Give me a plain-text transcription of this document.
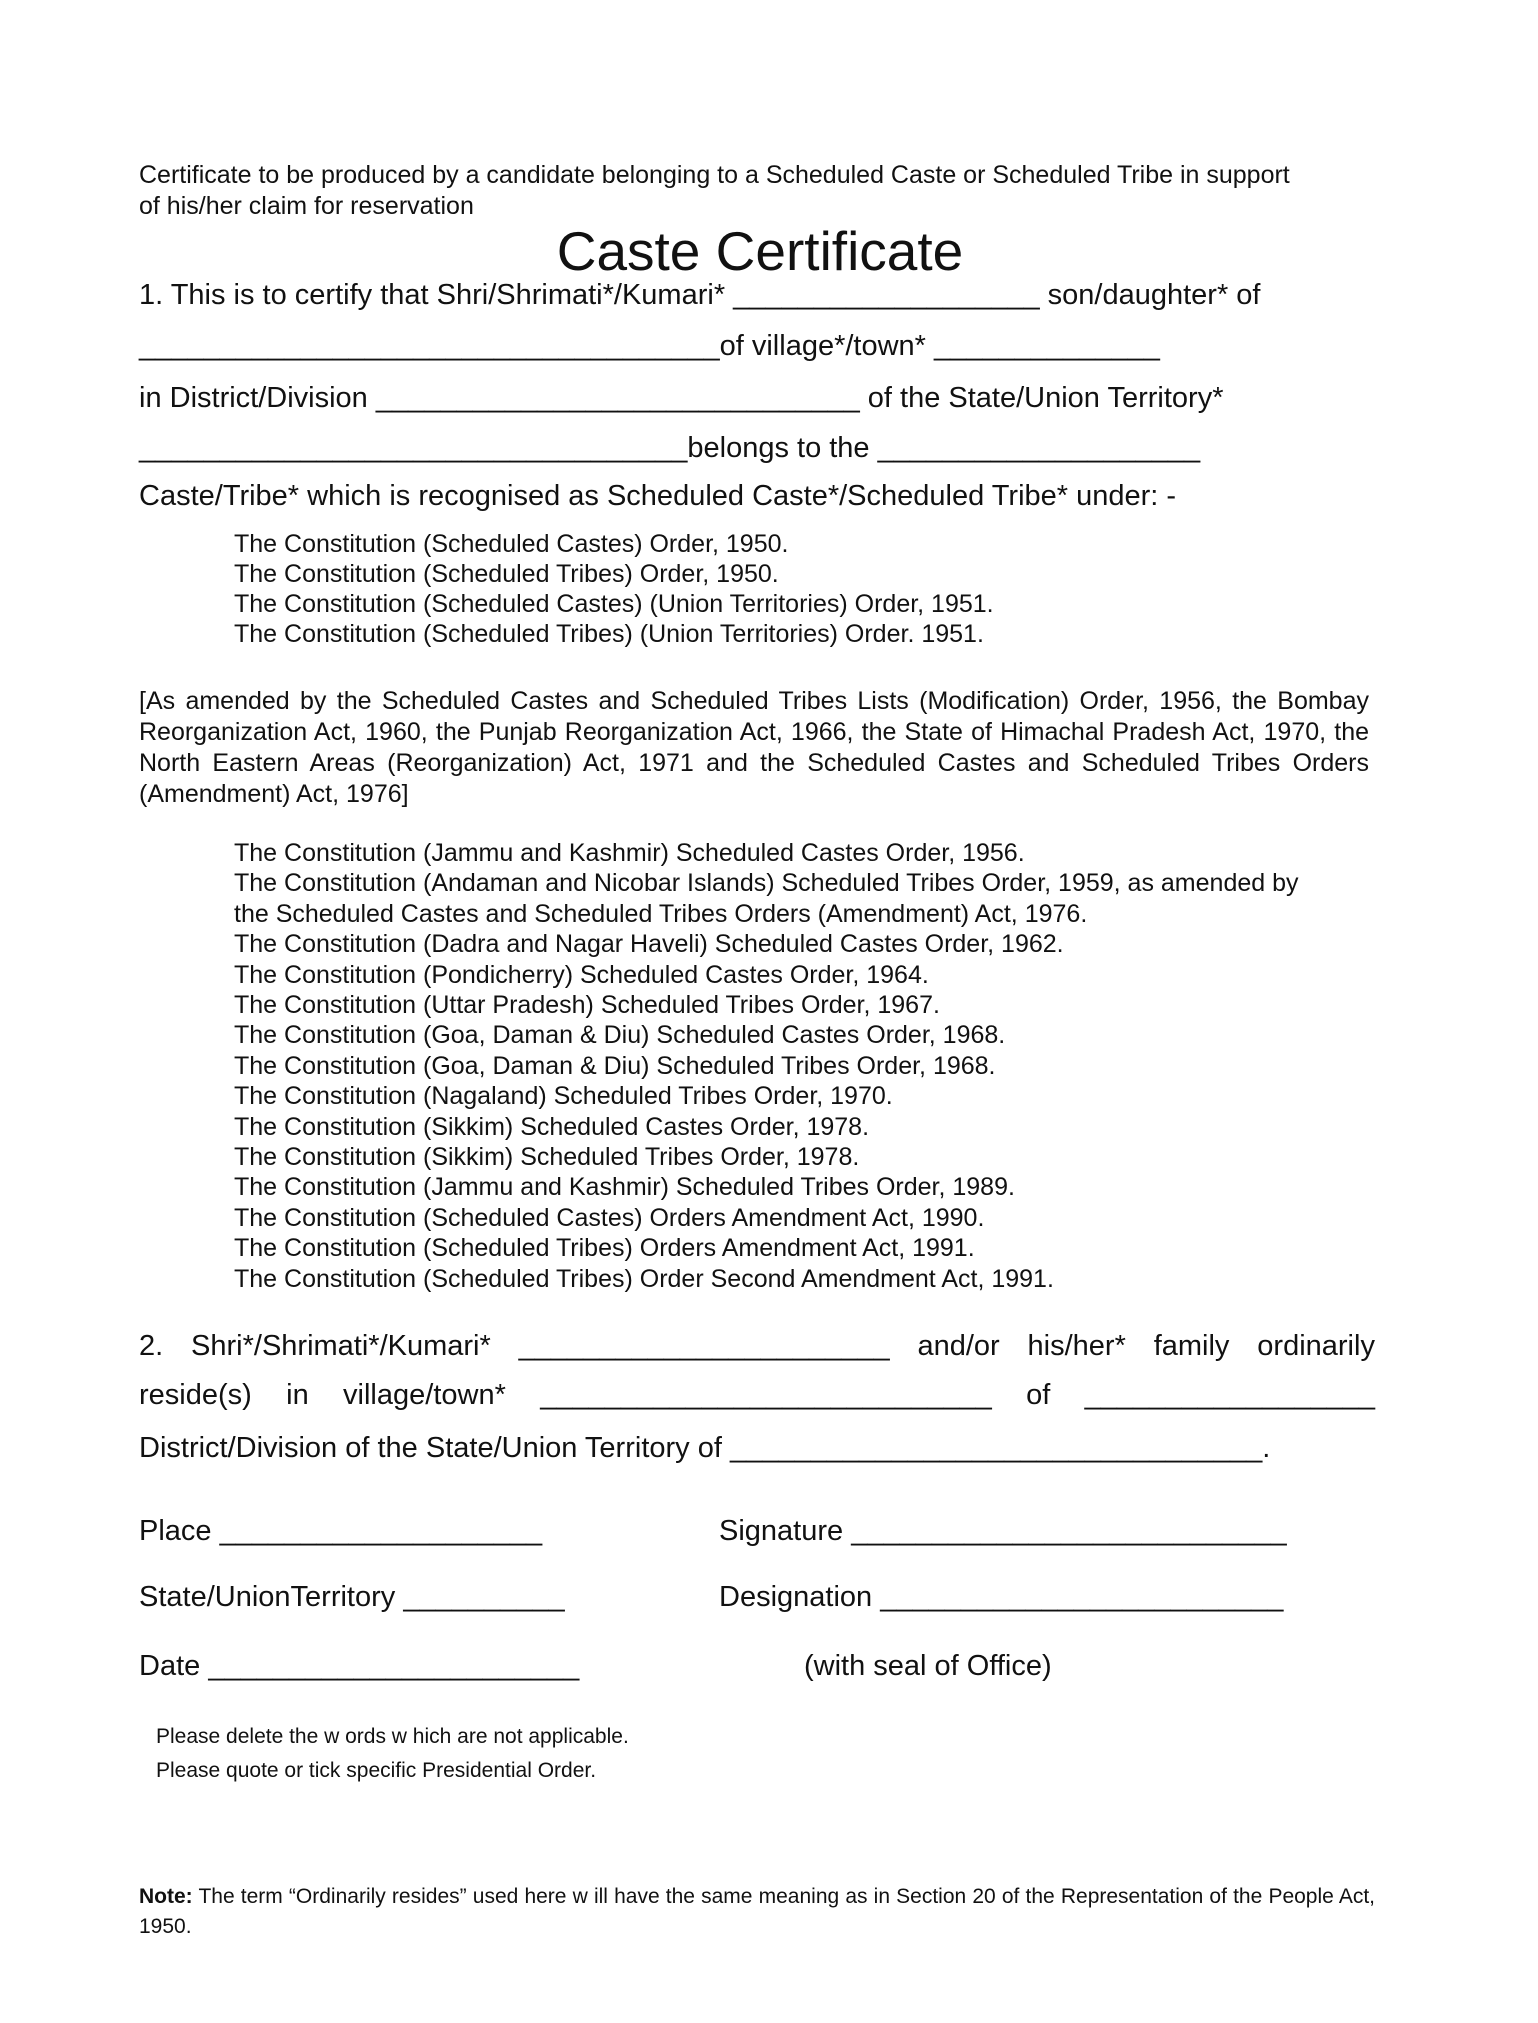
Certificate to be produced by a candidate belonging to a Scheduled Caste or Scheduled Tribe in support
of his/her claim for reservation
Caste Certificate
1. This is to certify that Shri/Shrimati*/Kumari* ___________________ son/daughter* of
____________________________________of village*/town* ______________
in District/Division ______________________________ of the State/Union Territory*
__________________________________belongs to the ____________________
Caste/Tribe* which is recognised as Scheduled Caste*/Scheduled Tribe* under: -
The Constitution (Scheduled Castes) Order, 1950.
The Constitution (Scheduled Tribes) Order, 1950.
The Constitution (Scheduled Castes) (Union Territories) Order, 1951.
The Constitution (Scheduled Tribes) (Union Territories) Order. 1951.
[As amended by the Scheduled Castes and Scheduled Tribes Lists (Modification) Order, 1956, the Bombay Reorganization Act, 1960, the Punjab Reorganization Act, 1966, the State of Himachal Pradesh Act, 1970, the North Eastern Areas (Reorganization) Act, 1971 and the Scheduled Castes and Scheduled Tribes Orders (Amendment) Act, 1976]
The Constitution (Jammu and Kashmir) Scheduled Castes Order, 1956.
The Constitution (Andaman and Nicobar Islands) Scheduled Tribes Order, 1959, as amended by
the Scheduled Castes and Scheduled Tribes Orders (Amendment) Act, 1976.
The Constitution (Dadra and Nagar Haveli) Scheduled Castes Order, 1962.
The Constitution (Pondicherry) Scheduled Castes Order, 1964.
The Constitution (Uttar Pradesh) Scheduled Tribes Order, 1967.
The Constitution (Goa, Daman & Diu) Scheduled Castes Order, 1968.
The Constitution (Goa, Daman & Diu) Scheduled Tribes Order, 1968.
The Constitution (Nagaland) Scheduled Tribes Order, 1970.
The Constitution (Sikkim) Scheduled Castes Order, 1978.
The Constitution (Sikkim) Scheduled Tribes Order, 1978.
The Constitution (Jammu and Kashmir) Scheduled Tribes Order, 1989.
The Constitution (Scheduled Castes) Orders Amendment Act, 1990.
The Constitution (Scheduled Tribes) Orders Amendment Act, 1991.
The Constitution (Scheduled Tribes) Order Second Amendment Act, 1991.
2. Shri*/Shrimati*/Kumari* _______________________ and/or his/her* family ordinarily
reside(s) in village/town* ____________________________ of __________________
District/Division of the State/Union Territory of _________________________________.
Place ____________________	Signature ___________________________
State/UnionTerritory __________	Designation _________________________
Date _______________________	(with seal of Office)
Please delete the w ords w hich are not applicable.
Please quote or tick specific Presidential Order.
Note: The term “Ordinarily resides” used here w ill have the same meaning as in Section 20 of the Representation of the People Act, 1950.
